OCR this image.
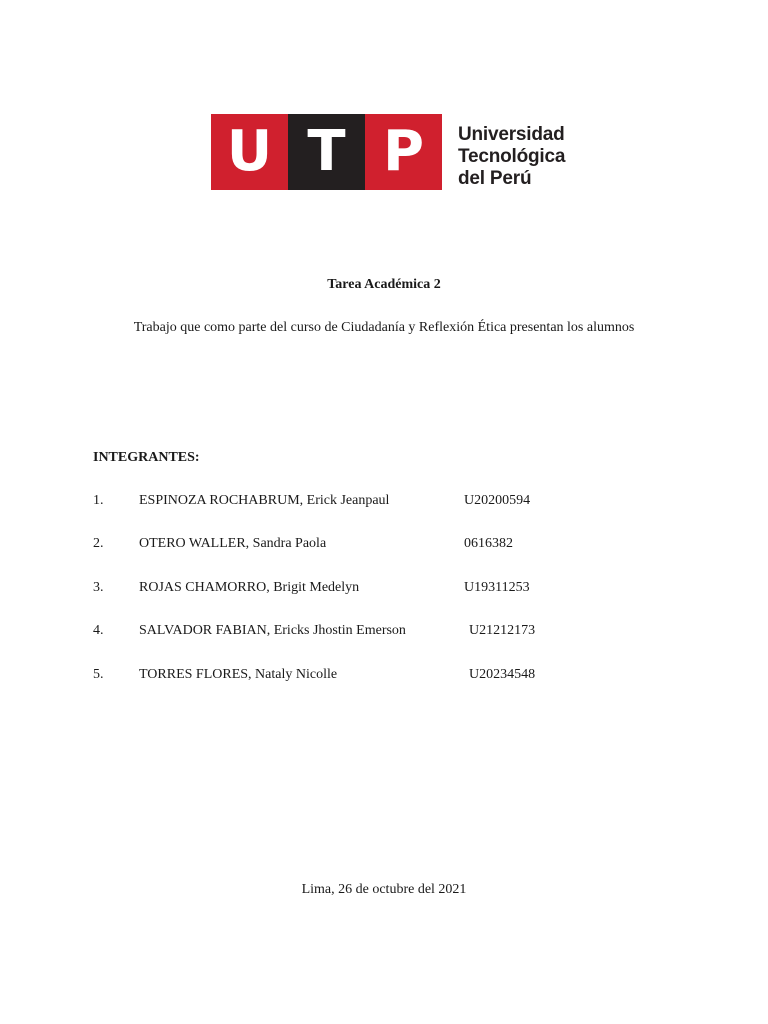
U T P	Universidad
Tecnológica
del Perú
Tarea Académica 2
Trabajo que como parte del curso de Ciudadanía y Reflexión Ética presentan los alumnos
INTEGRANTES:
1.	ESPINOZA ROCHABRUM, Erick Jeanpaul	U20200594
2.	OTERO WALLER, Sandra Paola	0616382
3.	ROJAS CHAMORRO, Brigit Medelyn	U19311253
4.	SALVADOR FABIAN, Ericks Jhostin Emerson	U21212173
5.	TORRES FLORES, Nataly Nicolle	U20234548
Lima, 26 de octubre del 2021
